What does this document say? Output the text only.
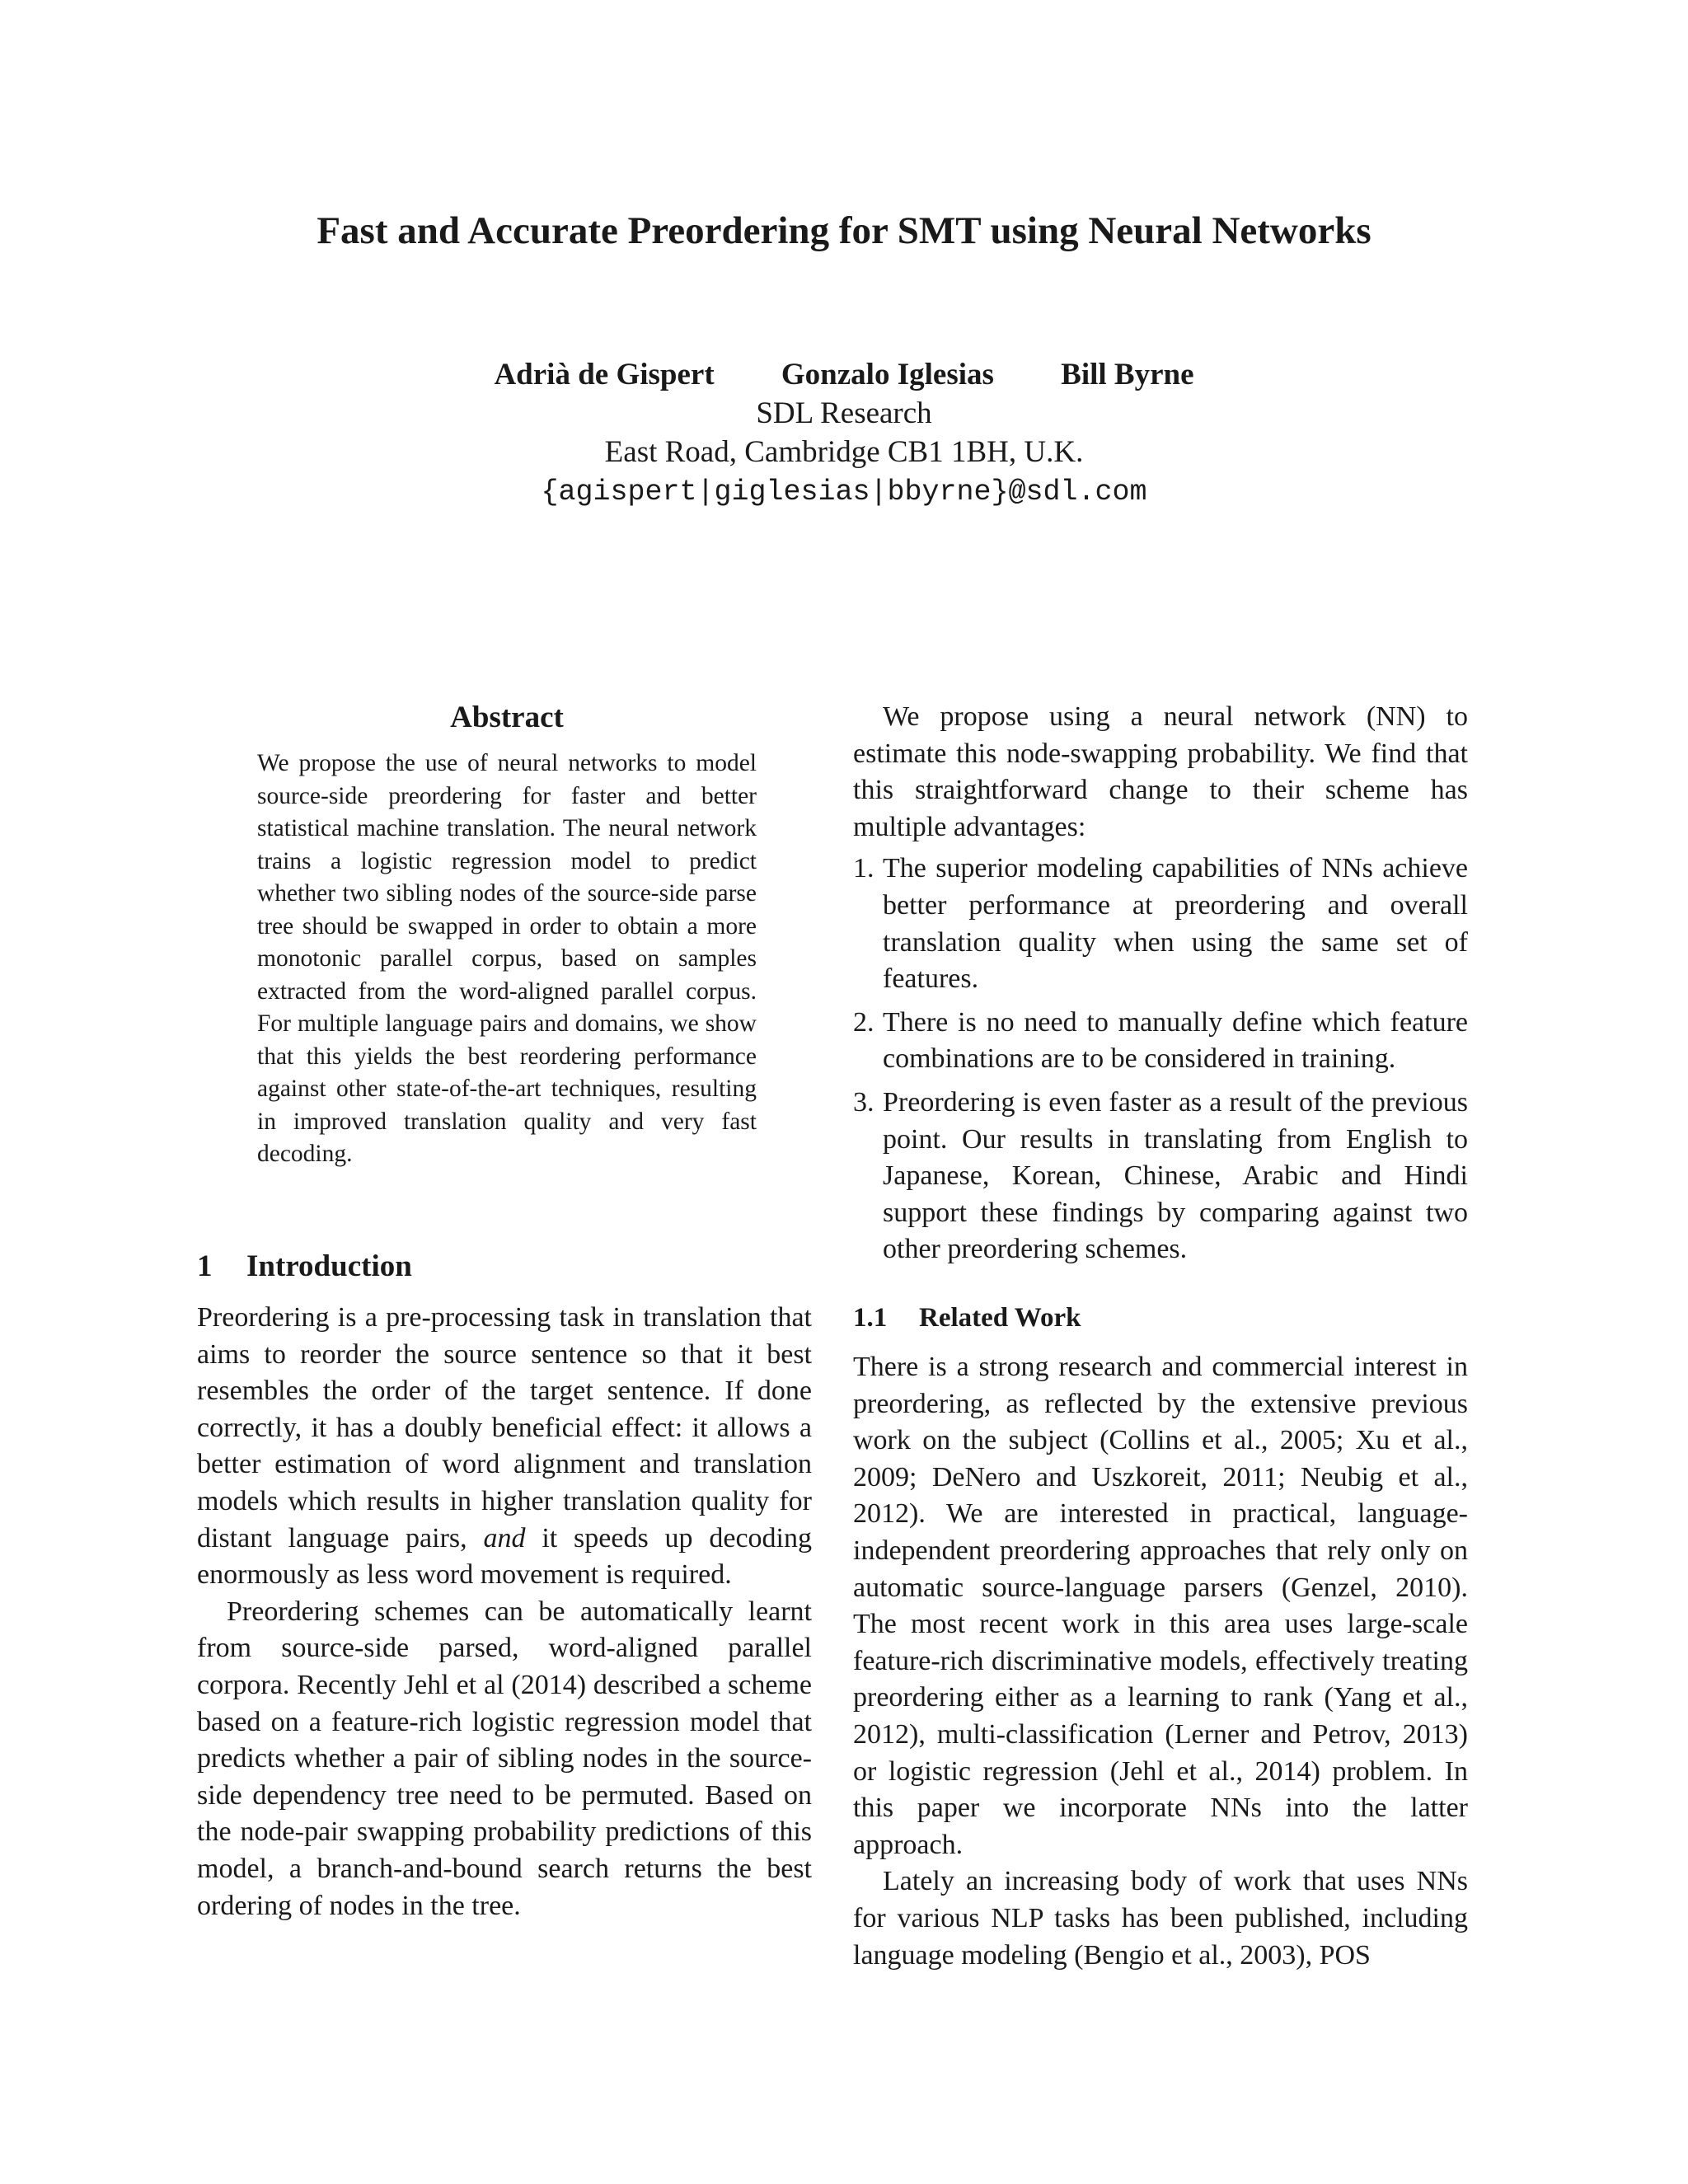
Fast and Accurate Preordering for SMT using Neural Networks
Adrià de Gispert Gonzalo Iglesias Bill Byrne
SDL Research
East Road, Cambridge CB1 1BH, U.K.
{agispert|giglesias|bbyrne}@sdl.com
Abstract

We propose the use of neural networks to model source-side preordering for faster and better statistical machine translation. The neural network trains a logistic regression model to predict whether two sibling nodes of the source-side parse tree should be swapped in order to obtain a more monotonic parallel corpus, based on samples extracted from the word-aligned parallel corpus. For multiple language pairs and domains, we show that this yields the best reordering performance against other state-of-the-art techniques, resulting in improved translation quality and very fast decoding.

1 Introduction

Preordering is a pre-processing task in translation that aims to reorder the source sentence so that it best resembles the order of the target sentence. If done correctly, it has a doubly beneficial effect: it allows a better estimation of word alignment and translation models which results in higher translation quality for distant language pairs, and it speeds up decoding enormously as less word movement is required.

Preordering schemes can be automatically learnt from source-side parsed, word-aligned parallel corpora. Recently Jehl et al (2014) described a scheme based on a feature-rich logistic regression model that predicts whether a pair of sibling nodes in the source-side dependency tree need to be permuted. Based on the node-pair swapping probability predictions of this model, a branch-and-bound search returns the best ordering of nodes in the tree.

We propose using a neural network (NN) to estimate this node-swapping probability. We find that this straightforward change to their scheme has multiple advantages:

1. The superior modeling capabilities of NNs achieve better performance at preordering and overall translation quality when using the same set of features.
2. There is no need to manually define which feature combinations are to be considered in training.
3. Preordering is even faster as a result of the previous point. Our results in translating from English to Japanese, Korean, Chinese, Arabic and Hindi support these findings by comparing against two other preordering schemes.
1.1 Related Work

There is a strong research and commercial interest in preordering, as reflected by the extensive previous work on the subject (Collins et al., 2005; Xu et al., 2009; DeNero and Uszkoreit, 2011; Neubig et al., 2012). We are interested in practical, language-independent preordering approaches that rely only on automatic source-language parsers (Genzel, 2010). The most recent work in this area uses large-scale feature-rich discriminative models, effectively treating preordering either as a learning to rank (Yang et al., 2012), multi-classification (Lerner and Petrov, 2013) or logistic regression (Jehl et al., 2014) problem. In this paper we incorporate NNs into the latter approach.

Lately an increasing body of work that uses NNs for various NLP tasks has been published, including language modeling (Bengio et al., 2003), POS
